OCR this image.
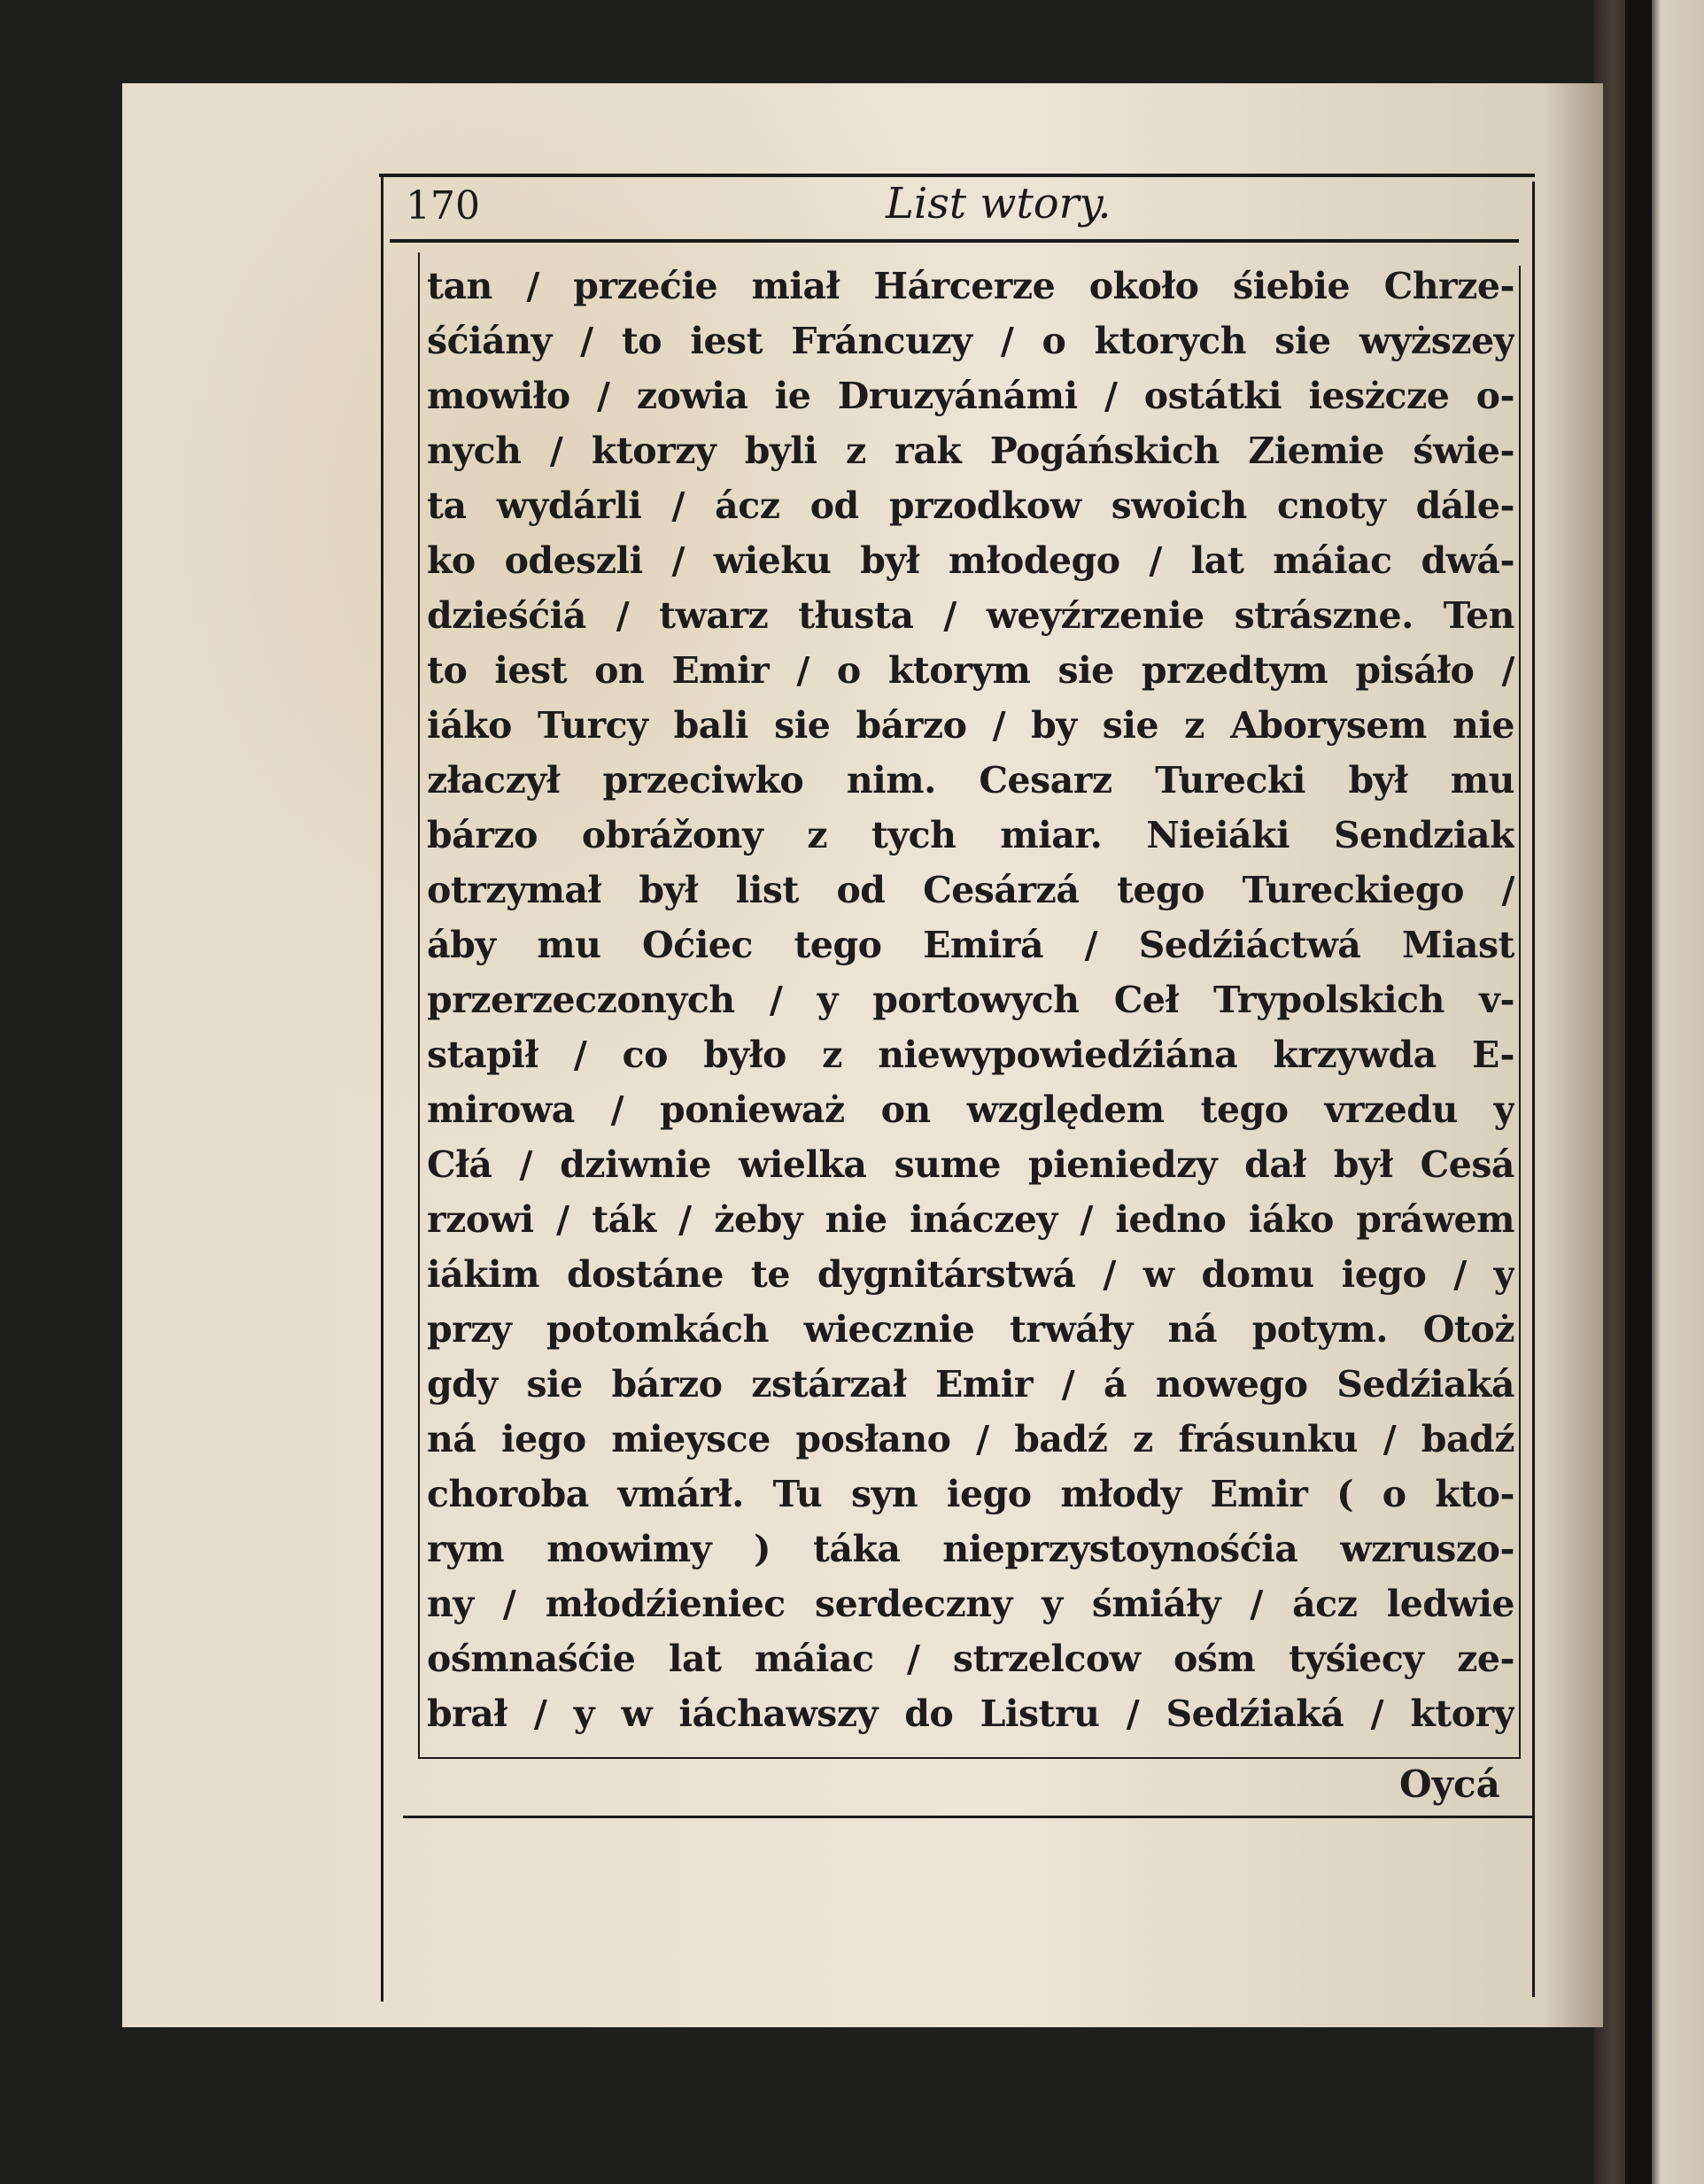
170	List wtory.
tan / przećie miał Hárcerze około śiebie Chrze-
śćiány / to iest Fráncuzy / o ktorych sie wyższey
mowiło / zowia ie Druzyánámi / ostátki iesżcze o-
nych / ktorzy byli z rak Pogáńskich Ziemie świe-
ta wydárli / ácz od przodkow swoich cnoty dále-
ko odeszli / wieku był młodego / lat máiac dwá-
dzieśćiá / twarz tłusta / weyźrzenie strászne. Ten
to iest on Emir / o ktorym sie przedtym pisáło /
iáko Turcy bali sie bárzo / by sie z Aborysem nie
złaczył przeciwko nim. Cesarz Turecki był mu
bárzo obrážony z tych miar. Nieiáki Sendziak
otrzymał był list od Cesárzá tego Tureckiego /
áby mu Oćiec tego Emirá / Sedźiáctwá Miast
przerzeczonych / y portowych Ceł Trypolskich v-
stapił / co było z niewypowiedźiána krzywda E-
mirowa / ponieważ on względem tego vrzedu y
Cłá / dziwnie wielka sume pieniedzy dał był Cesá
rzowi / ták / żeby nie ináczey / iedno iáko práwem
iákim dostáne te dygnitárstwá / w domu iego / y
przy potomkách wiecznie trwáły ná potym. Otoż
gdy sie bárzo zstárzał Emir / á nowego Sedźiaká
ná iego mieysce posłano / badź z frásunku / badź
choroba vmárł. Tu syn iego młody Emir ( o kto-
rym mowimy ) táka nieprzystoynośćia wzruszo-
ny / młodźieniec serdeczny y śmiáły / ácz ledwie
ośmnaśćie lat máiac / strzelcow ośm tyśiecy ze-
brał / y w iáchawszy do Listru / Sedźiaká / ktory
Oycá
